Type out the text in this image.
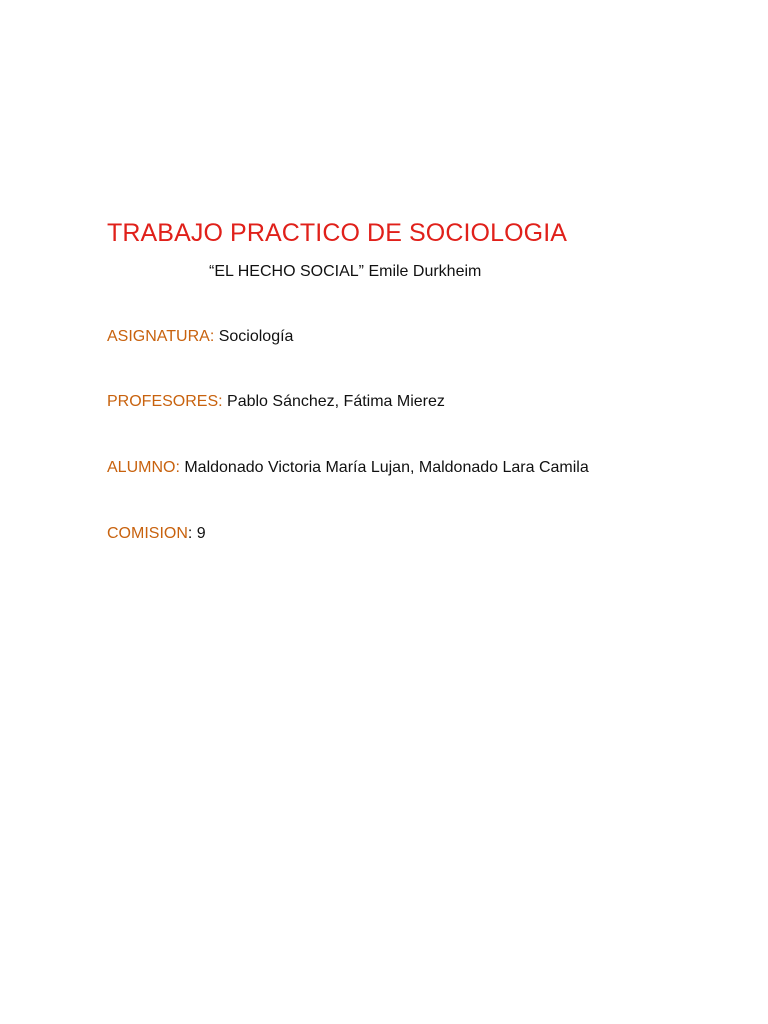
TRABAJO PRACTICO DE SOCIOLOGIA
“EL HECHO SOCIAL” Emile Durkheim
ASIGNATURA: Sociología
PROFESORES: Pablo Sánchez, Fátima Mierez
ALUMNO: Maldonado Victoria María Lujan, Maldonado Lara Camila
COMISION: 9
